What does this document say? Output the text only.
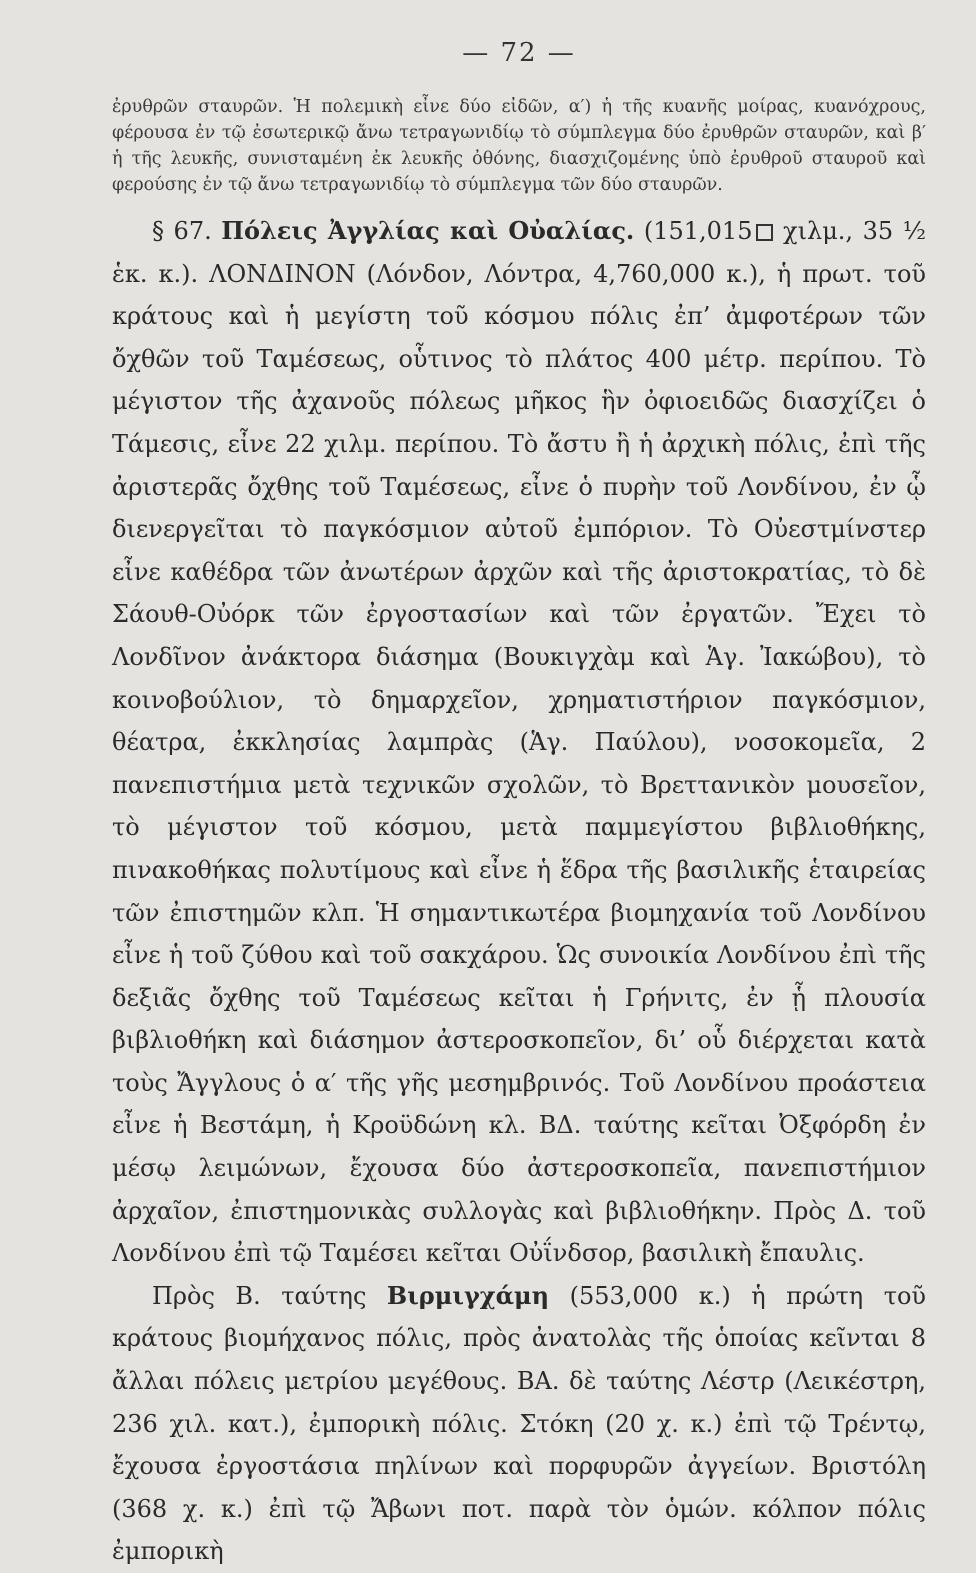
— 72 —

ἐρυθρῶν σταυρῶν. Ἡ πολεμικὴ εἶνε δύο εἰδῶν, α′) ἡ τῆς κυανῆς μοίρας, κυανόχρους, φέρουσα ἐν τῷ ἐσωτερικῷ ἄνω τετραγωνιδίῳ τὸ σύμπλεγμα δύο ἐρυθρῶν σταυρῶν, καὶ β′ ἡ τῆς λευκῆς, συνισταμένη ἐκ λευκῆς ὀθόνης, διασχιζομένης ὑπὸ ἐρυθροῦ σταυροῦ καὶ φερούσης ἐν τῷ ἄνω τετραγωνιδίῳ τὸ σύμπλεγμα τῶν δύο σταυρῶν.

§ 67. Πόλεις Ἀγγλίας καὶ Οὐαλίας. (151,015 χιλμ., 35 ½ ἑκ. κ.). ΛΟΝΔΙΝΟΝ (Λόνδον, Λόντρα, 4,760,000 κ.), ἡ πρωτ. τοῦ κράτους καὶ ἡ μεγίστη τοῦ κόσμου πόλις ἐπ’ ἀμφοτέρων τῶν ὄχθῶν τοῦ Ταμέσεως, οὗτινος τὸ πλάτος 400 μέτρ. περίπου. Τὸ μέγιστον τῆς ἀχανοῦς πόλεως μῆκος ἣν ὀφιοειδῶς διασχίζει ὁ Τάμεσις, εἶνε 22 χιλμ. περίπου. Τὸ ἄστυ ἢ ἡ ἀρχικὴ πόλις, ἐπὶ τῆς ἀριστερᾶς ὄχθης τοῦ Ταμέσεως, εἶνε ὁ πυρὴν τοῦ Λονδίνου, ἐν ᾧ διενεργεῖται τὸ παγκόσμιον αὐτοῦ ἐμπόριον. Τὸ Οὐεστμίνστερ εἶνε καθέδρα τῶν ἀνωτέρων ἀρχῶν καὶ τῆς ἀριστοκρατίας, τὸ δὲ Σάουθ-Οὐόρκ τῶν ἐργοστασίων καὶ τῶν ἐργατῶν. Ἔχει τὸ Λονδῖνον ἀνάκτορα διάσημα (Βουκιγχὰμ καὶ Ἁγ. Ἰακώβου), τὸ κοινοβούλιον, τὸ δημαρχεῖον, χρηματιστήριον παγκόσμιον, θέατρα, ἐκκλησίας λαμπρὰς (Ἁγ. Παύλου), νοσοκομεῖα, 2 πανεπιστήμια μετὰ τεχνικῶν σχολῶν, τὸ Βρεττανικὸν μουσεῖον, τὸ μέγιστον τοῦ κόσμου, μετὰ παμμεγίστου βιβλιοθήκης, πινακοθήκας πολυτίμους καὶ εἶνε ἡ ἕδρα τῆς βασιλικῆς ἑταιρείας τῶν ἐπιστημῶν κλπ. Ἡ σημαντικωτέρα βιομηχανία τοῦ Λονδίνου εἶνε ἡ τοῦ ζύθου καὶ τοῦ σακχάρου. Ὡς συνοικία Λονδίνου ἐπὶ τῆς δεξιᾶς ὄχθης τοῦ Ταμέσεως κεῖται ἡ Γρήνιτς, ἐν ᾗ πλουσία βιβλιοθήκη καὶ διάσημον ἀστεροσκοπεῖον, δι’ οὗ διέρχεται κατὰ τοὺς Ἄγγλους ὁ α′ τῆς γῆς μεσημβρινός. Τοῦ Λονδίνου προάστεια εἶνε ἡ Βεστάμη, ἡ Κροϋδώνη κλ. ΒΔ. ταύτης κεῖται Ὀξφόρδη ἐν μέσῳ λειμώνων, ἔχουσα δύο ἀστεροσκοπεῖα, πανεπιστήμιον ἀρχαῖον, ἐπιστημονικὰς συλλογὰς καὶ βιβλιοθήκην. Πρὸς Δ. τοῦ Λονδίνου ἐπὶ τῷ Ταμέσει κεῖται Οὐΐνδσορ, βασιλικὴ ἔπαυλις.

Πρὸς Β. ταύτης Βιρμιγχάμη (553,000 κ.) ἡ πρώτη τοῦ κράτους βιομήχανος πόλις, πρὸς ἀνατολὰς τῆς ὁποίας κεῖνται 8 ἄλλαι πόλεις μετρίου μεγέθους. ΒΑ. δὲ ταύτης Λέστρ (Λεικέστρη, 236 χιλ. κατ.), ἐμπορικὴ πόλις. Στόκη (20 χ. κ.) ἐπὶ τῷ Τρέντῳ, ἔχουσα ἐργοστάσια πηλίνων καὶ πορφυρῶν ἀγγείων. Βριστόλη (368 χ. κ.) ἐπὶ τῷ Ἄβωνι ποτ. παρὰ τὸν ὁμών. κόλπον πόλις ἐμπορικὴ
